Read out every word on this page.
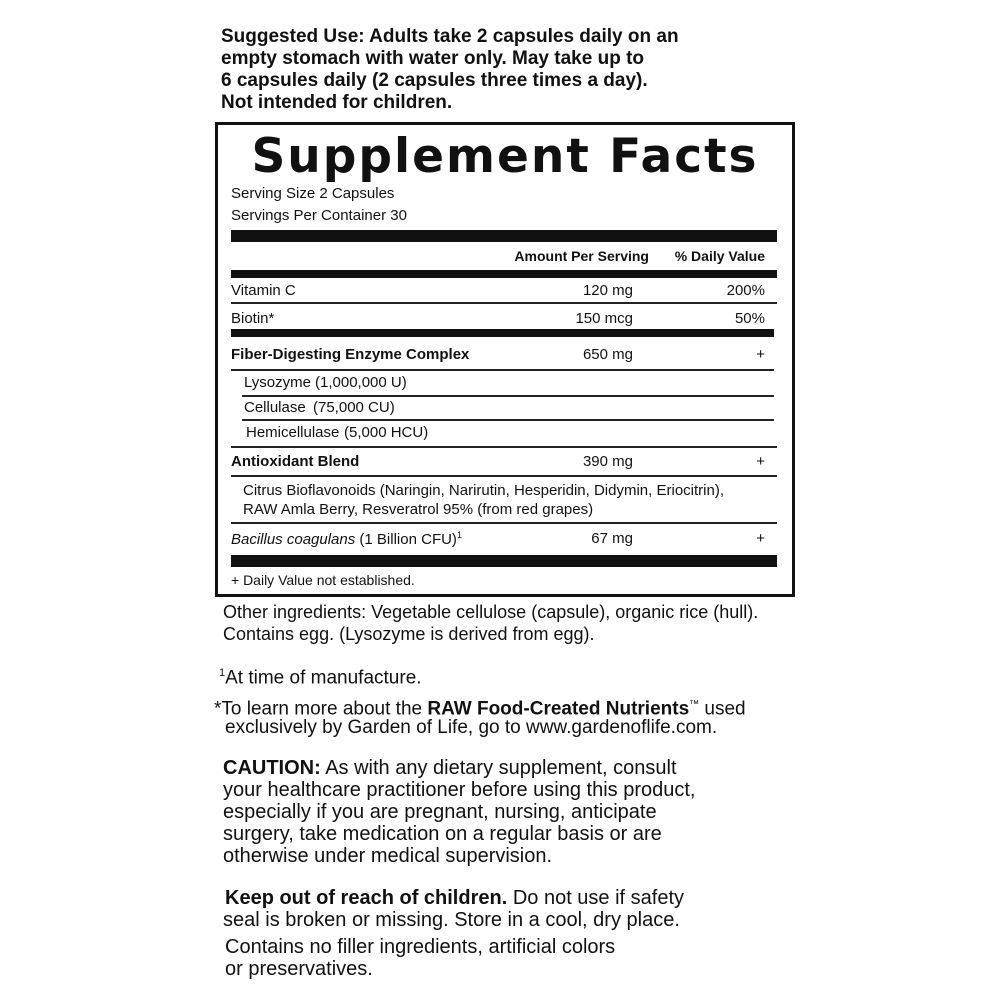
Suggested Use: Adults take 2 capsules daily on an
empty stomach with water only. May take up to
6 capsules daily (2 capsules three times a day).
Not intended for children.
Supplement Facts
Serving Size 2 Capsules
Servings Per Container 30
Amount Per Serving % Daily Value
Vitamin C	120 mg	200%
Biotin*	150 mcg	50%
Fiber-Digesting Enzyme Complex	650 mg	+
Lysozyme (1,000,000 U)
Cellulase (75,000 CU)
Hemicellulase (5,000 HCU)
Antioxidant Blend	390 mg	+
Citrus Bioflavonoids (Naringin, Narirutin, Hesperidin, Didymin, Eriocitrin),
RAW Amla Berry, Resveratrol 95% (from red grapes)
Bacillus coagulans (1 Billion CFU)$^1$	67 mg	+
+ Daily Value not established.
Other ingredients: Vegetable cellulose (capsule), organic rice (hull).
Contains egg. (Lysozyme is derived from egg).
$^1$At time of manufacture.
*To learn more about the RAW Food-Created Nutrients™ used
exclusively by Garden of Life, go to www.gardenoflife.com.
CAUTION: As with any dietary supplement, consult
your healthcare practitioner before using this product,
especially if you are pregnant, nursing, anticipate
surgery, take medication on a regular basis or are
otherwise under medical supervision.
Keep out of reach of children. Do not use if safety
seal is broken or missing. Store in a cool, dry place.
Contains no filler ingredients, artificial colors
or preservatives.
